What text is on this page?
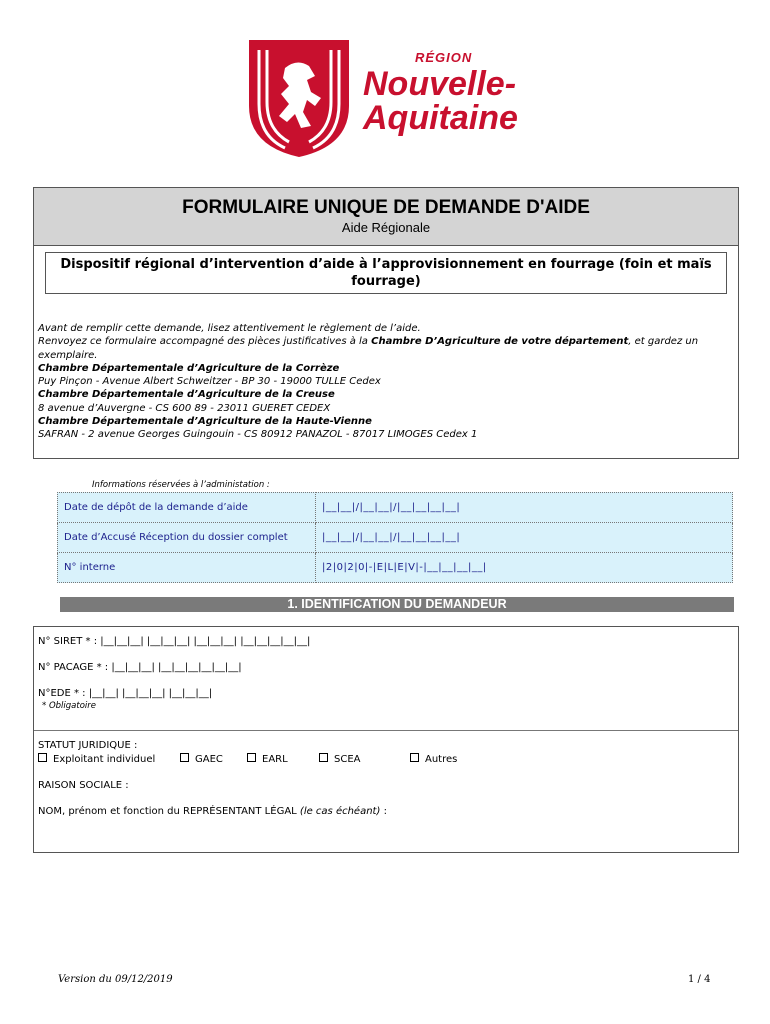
RÉGION
Nouvelle-
Aquitaine
FORMULAIRE UNIQUE DE DEMANDE D'AIDE
Aide Régionale
Dispositif régional d’intervention d’aide à l’approvisionnement en fourrage (foin et maïs fourrage)
Avant de remplir cette demande, lisez attentivement le règlement de l’aide.
Renvoyez ce formulaire accompagné des pièces justificatives à la Chambre D’Agriculture de votre département, et gardez un exemplaire.
Chambre Départementale d’Agriculture de la Corrèze
Puy Pinçon - Avenue Albert Schweitzer - BP 30 - 19000 TULLE Cedex
Chambre Départementale d’Agriculture de la Creuse
8 avenue d’Auvergne - CS 600 89 - 23011 GUERET CEDEX
Chambre Départementale d’Agriculture de la Haute-Vienne
SAFRAN - 2 avenue Georges Guingouin - CS 80912 PANAZOL - 87017 LIMOGES Cedex 1
Informations réservées à l’administation :
Date de dépôt de la demande d’aide	|__|__|/|__|__|/|__|__|__|__|
Date d’Accusé Réception du dossier complet	|__|__|/|__|__|/|__|__|__|__|
N° interne	|2|0|2|0|-|E|L|E|V|-|__|__|__|__|
1. IDENTIFICATION DU DEMANDEUR
N° SIRET * : |__|__|__| |__|__|__| |__|__|__| |__|__|__|__|__|
N° PACAGE * : |__|__|__| |__|__|__|__|__|__|
N°EDE * : |__|__| |__|__|__| |__|__|__|
* Obligatoire
STATUT JURIDIQUE :
Exploitant individuel	GAEC	EARL	SCEA	Autres
RAISON SOCIALE :
NOM, prénom et fonction du REPRÉSENTANT LÉGAL (le cas échéant) :
Version du 09/12/2019	1 / 4
